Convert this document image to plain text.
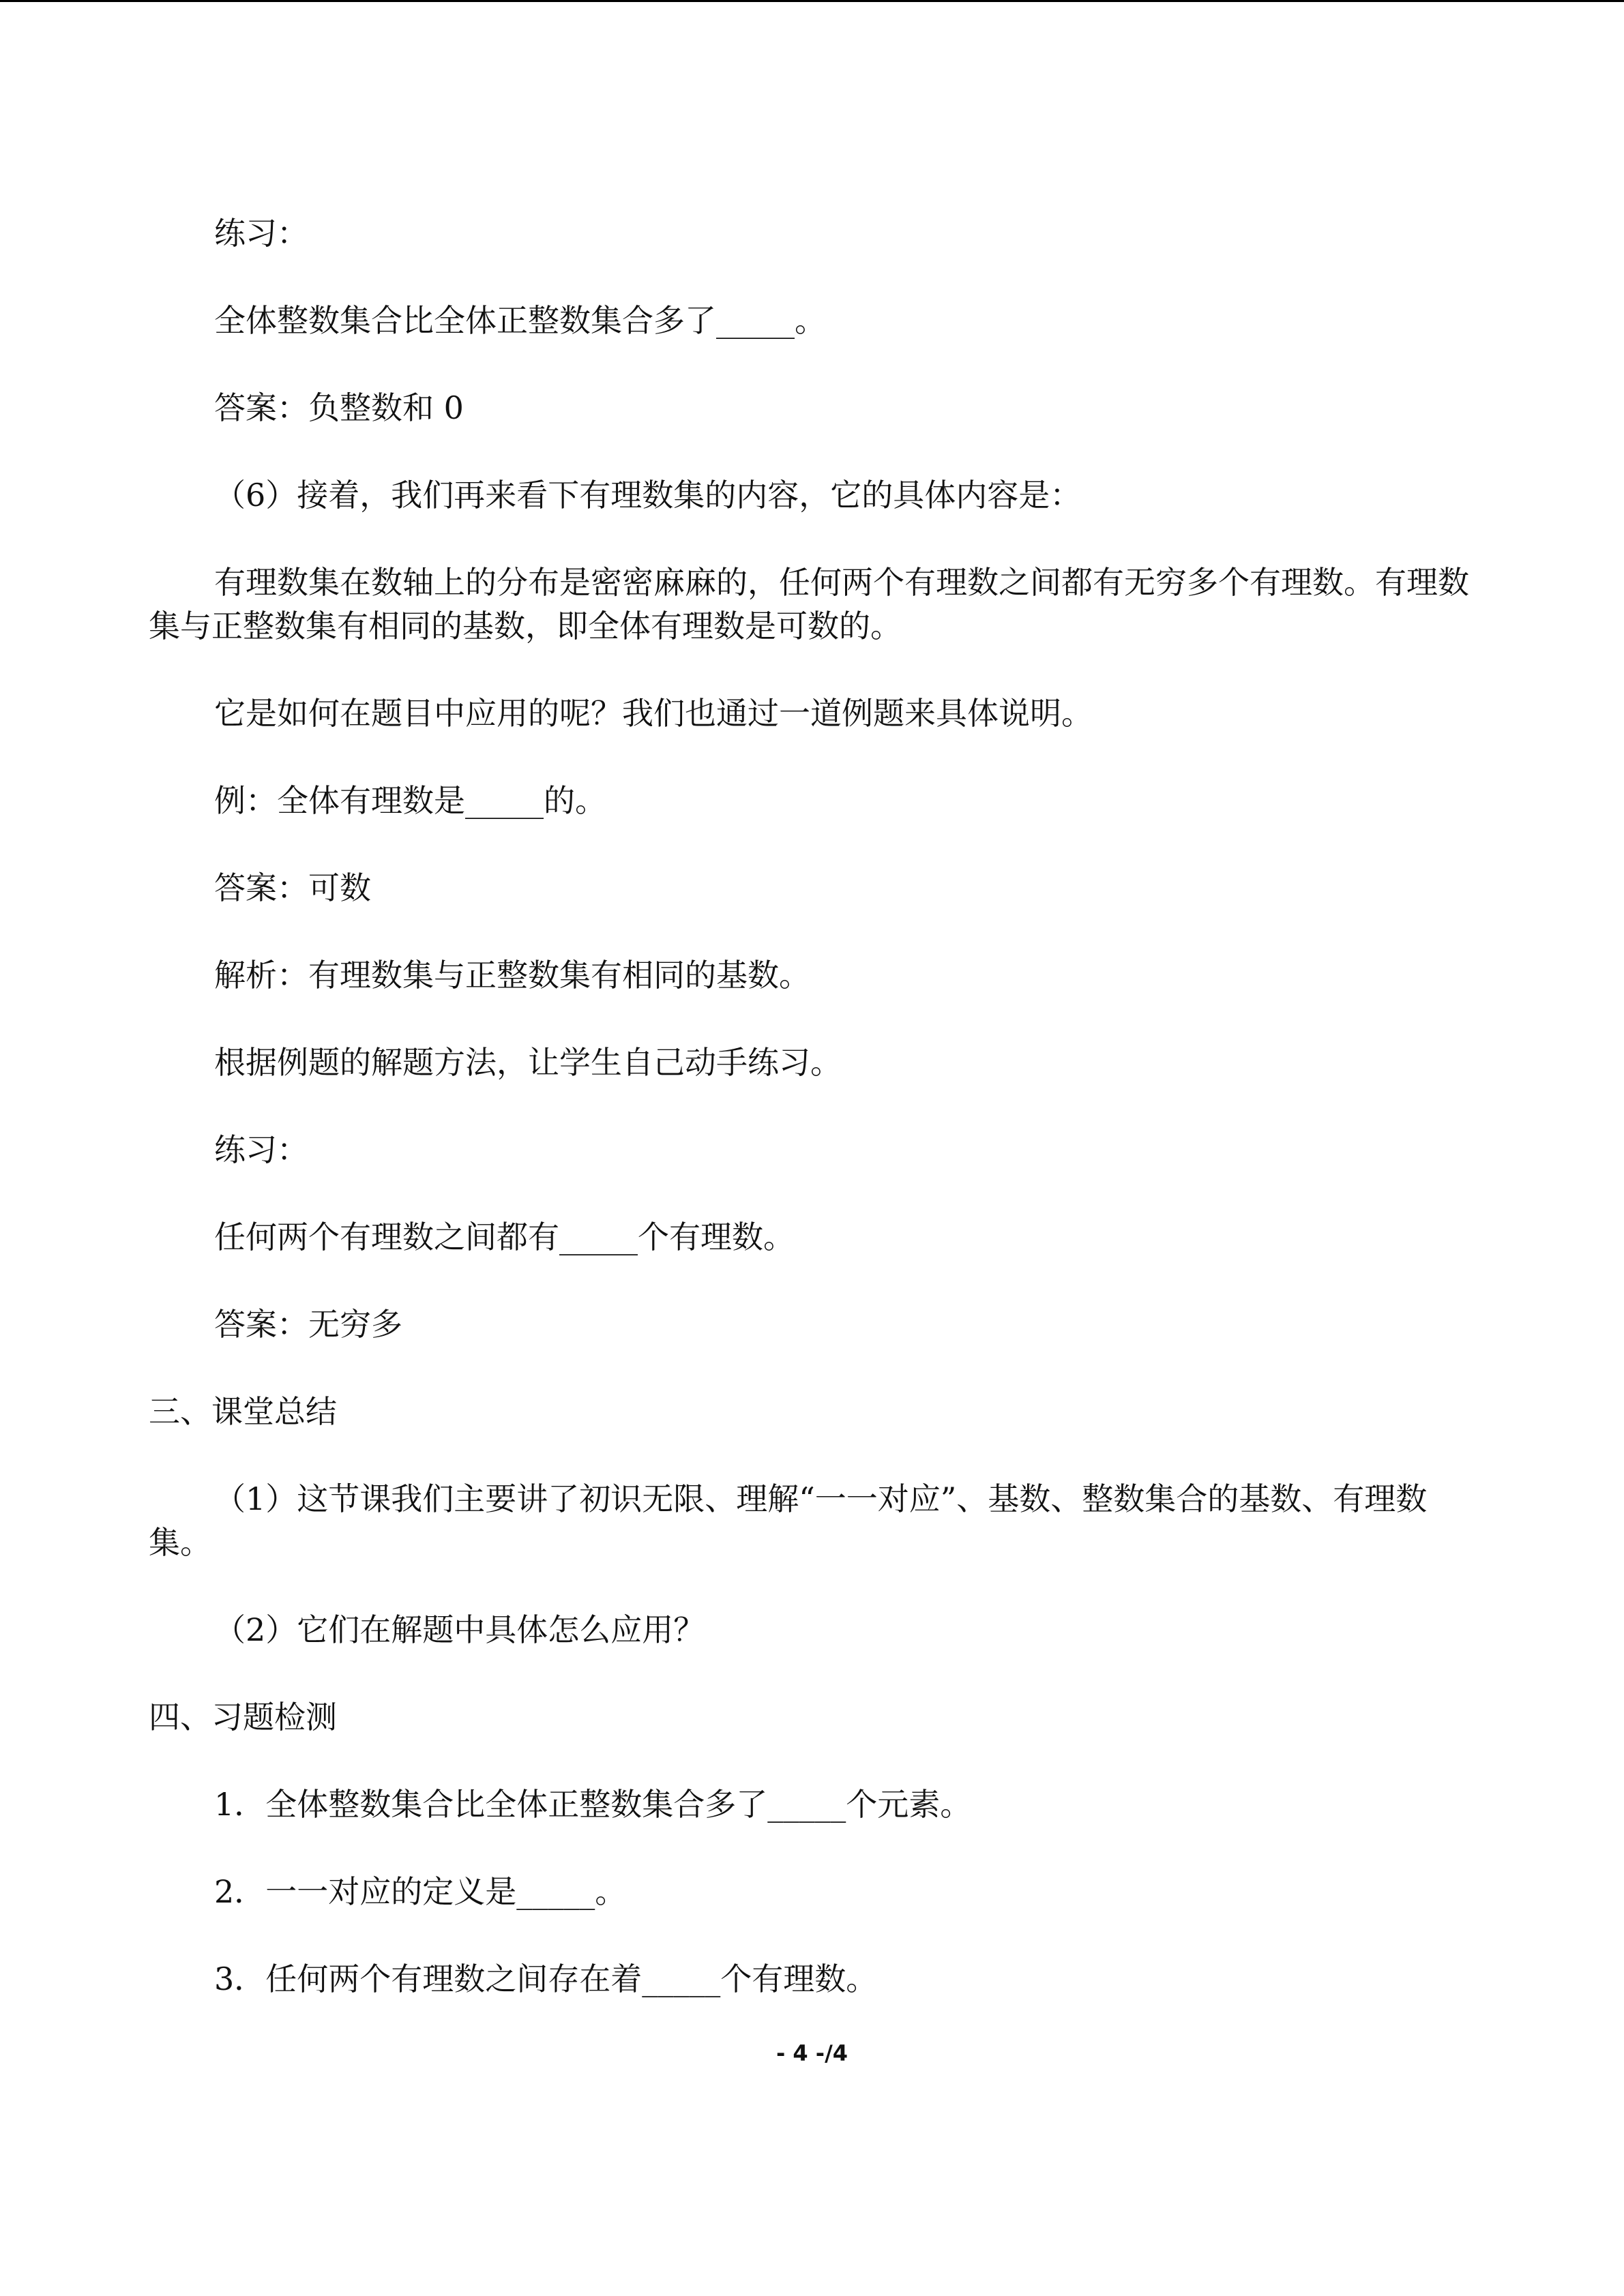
练习：

全体整数集合比全体正整数集合多了_____。

答案：负整数和 0

（6）接着，我们再来看下有理数集的内容，它的具体内容是：

有理数集在数轴上的分布是密密麻麻的，任何两个有理数之间都有无穷多个有理数。有理数集与正整数集有相同的基数，即全体有理数是可数的。

它是如何在题目中应用的呢？我们也通过一道例题来具体说明。

例：全体有理数是_____的。

答案：可数

解析：有理数集与正整数集有相同的基数。

根据例题的解题方法，让学生自己动手练习。

练习：

任何两个有理数之间都有_____个有理数。

答案：无穷多

三、课堂总结

（1）这节课我们主要讲了初识无限、理解“一一对应”、基数、整数集合的基数、有理数集。

（2）它们在解题中具体怎么应用？

四、习题检测

1．全体整数集合比全体正整数集合多了_____个元素。

2．一一对应的定义是_____。

3．任何两个有理数之间存在着_____个有理数。

- 4 -/4
